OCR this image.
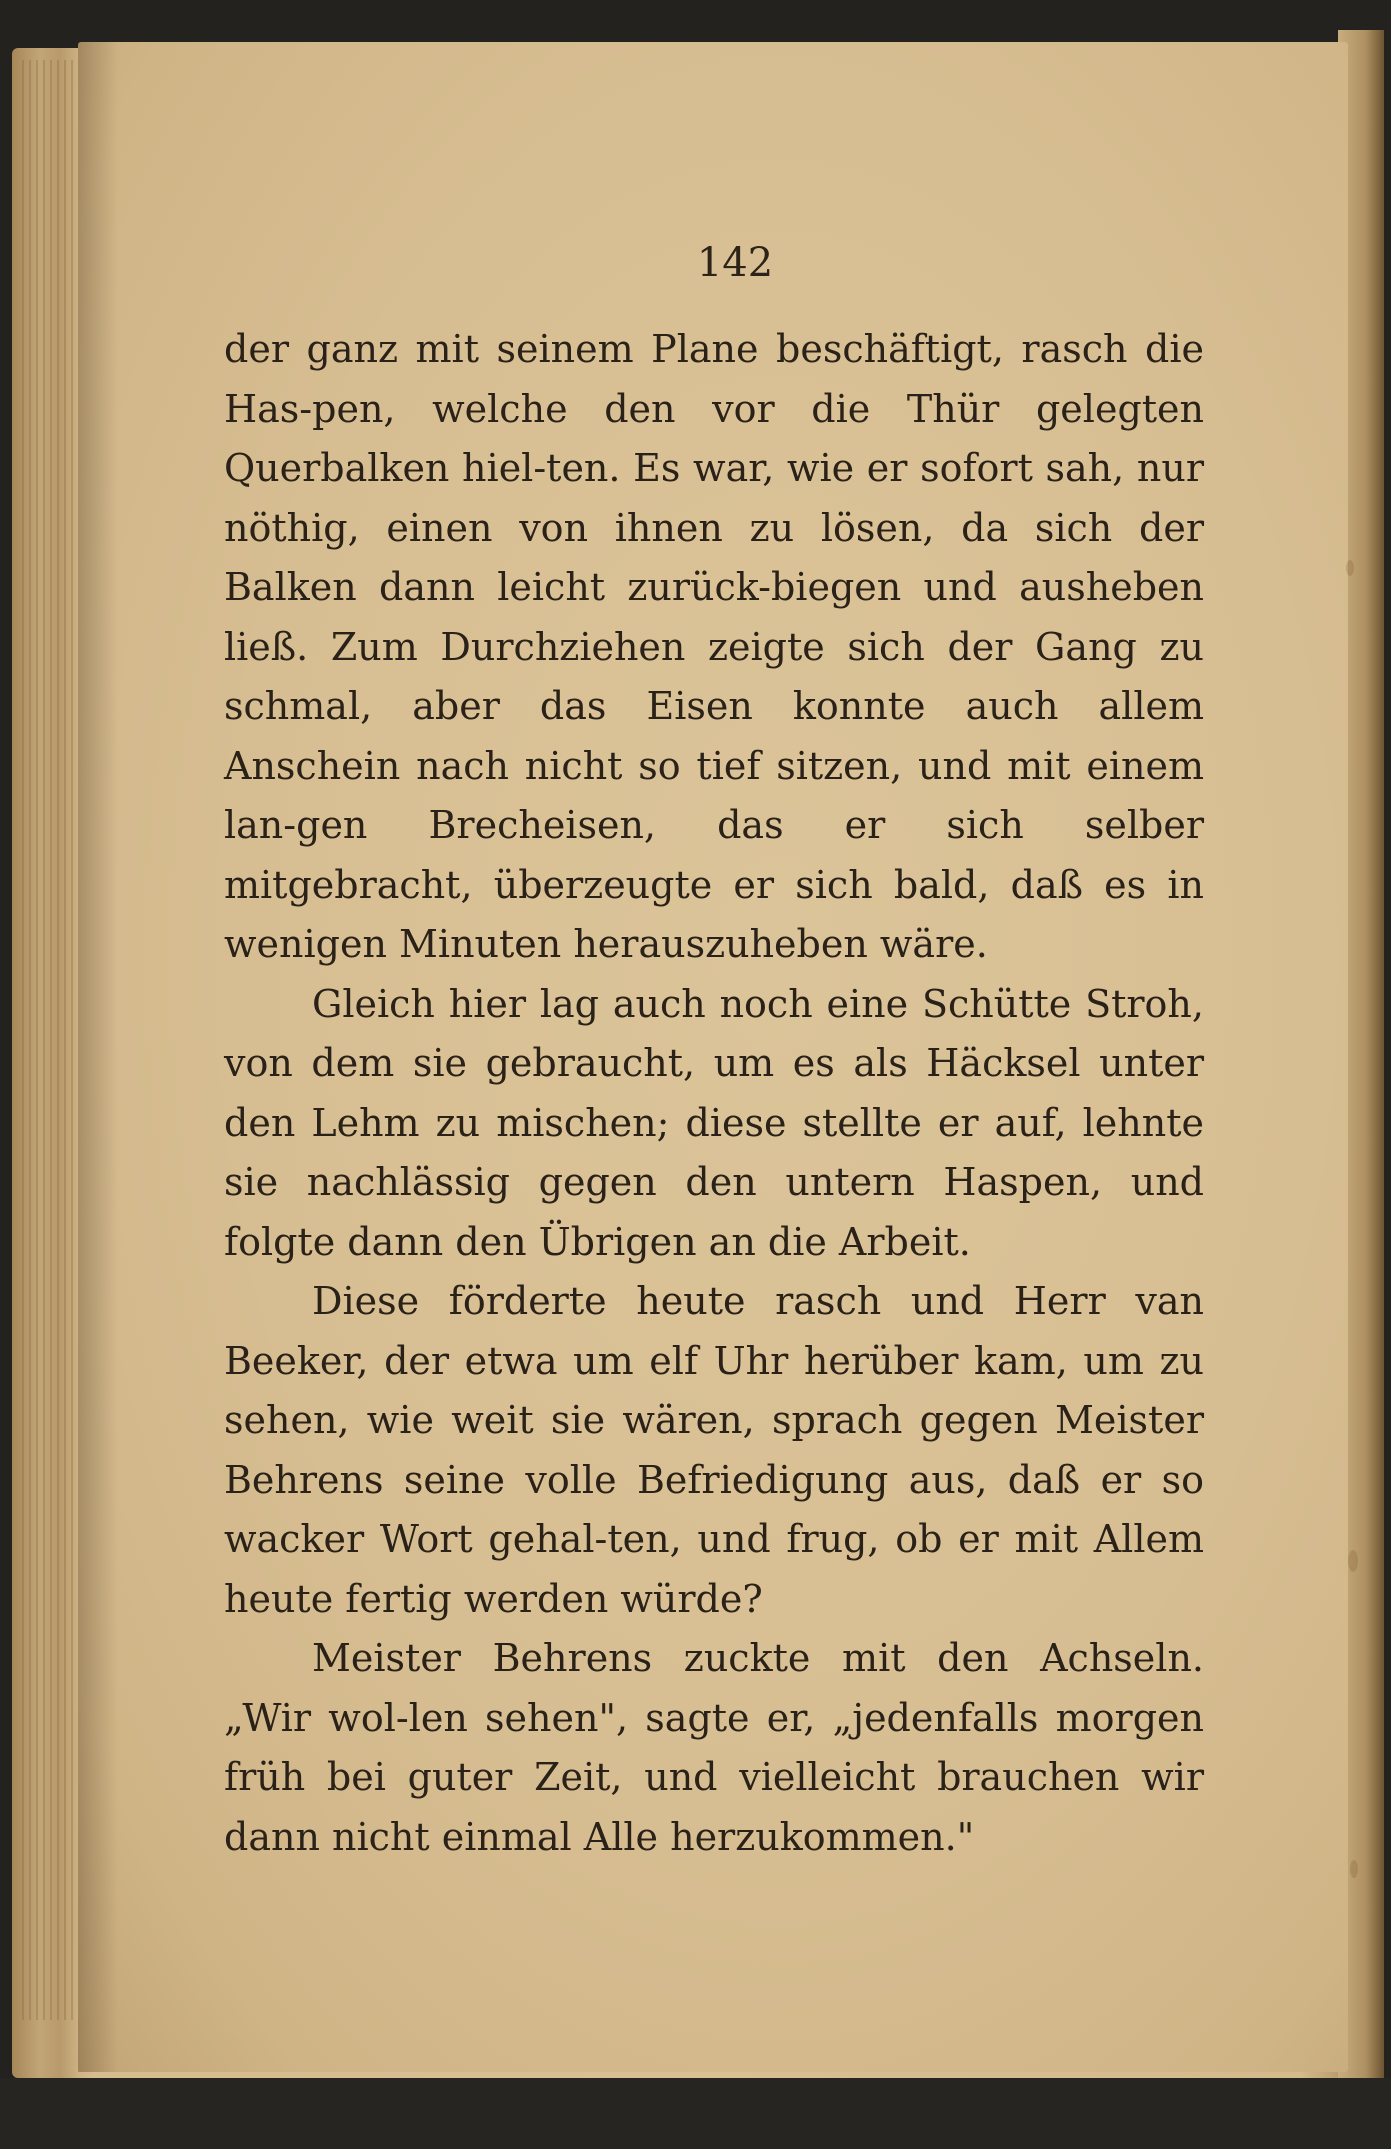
142

der ganz mit seinem Plane beschäftigt, rasch die Has-pen, welche den vor die Thür gelegten Querbalken hiel-ten. Es war, wie er sofort sah, nur nöthig, einen von ihnen zu lösen, da sich der Balken dann leicht zurück-biegen und ausheben ließ. Zum Durchziehen zeigte sich der Gang zu schmal, aber das Eisen konnte auch allem Anschein nach nicht so tief sitzen, und mit einem lan-gen Brecheisen, das er sich selber mitgebracht, überzeugte er sich bald, daß es in wenigen Minuten herauszuheben wäre.

Gleich hier lag auch noch eine Schütte Stroh, von dem sie gebraucht, um es als Häcksel unter den Lehm zu mischen; diese stellte er auf, lehnte sie nachlässig gegen den untern Haspen, und folgte dann den Übrigen an die Arbeit.

Diese förderte heute rasch und Herr van Beeker, der etwa um elf Uhr herüber kam, um zu sehen, wie weit sie wären, sprach gegen Meister Behrens seine volle Befriedigung aus, daß er so wacker Wort gehal-ten, und frug, ob er mit Allem heute fertig werden würde?

Meister Behrens zuckte mit den Achseln. „Wir wol-len sehen", sagte er, „jedenfalls morgen früh bei guter Zeit, und vielleicht brauchen wir dann nicht einmal Alle herzukommen."
